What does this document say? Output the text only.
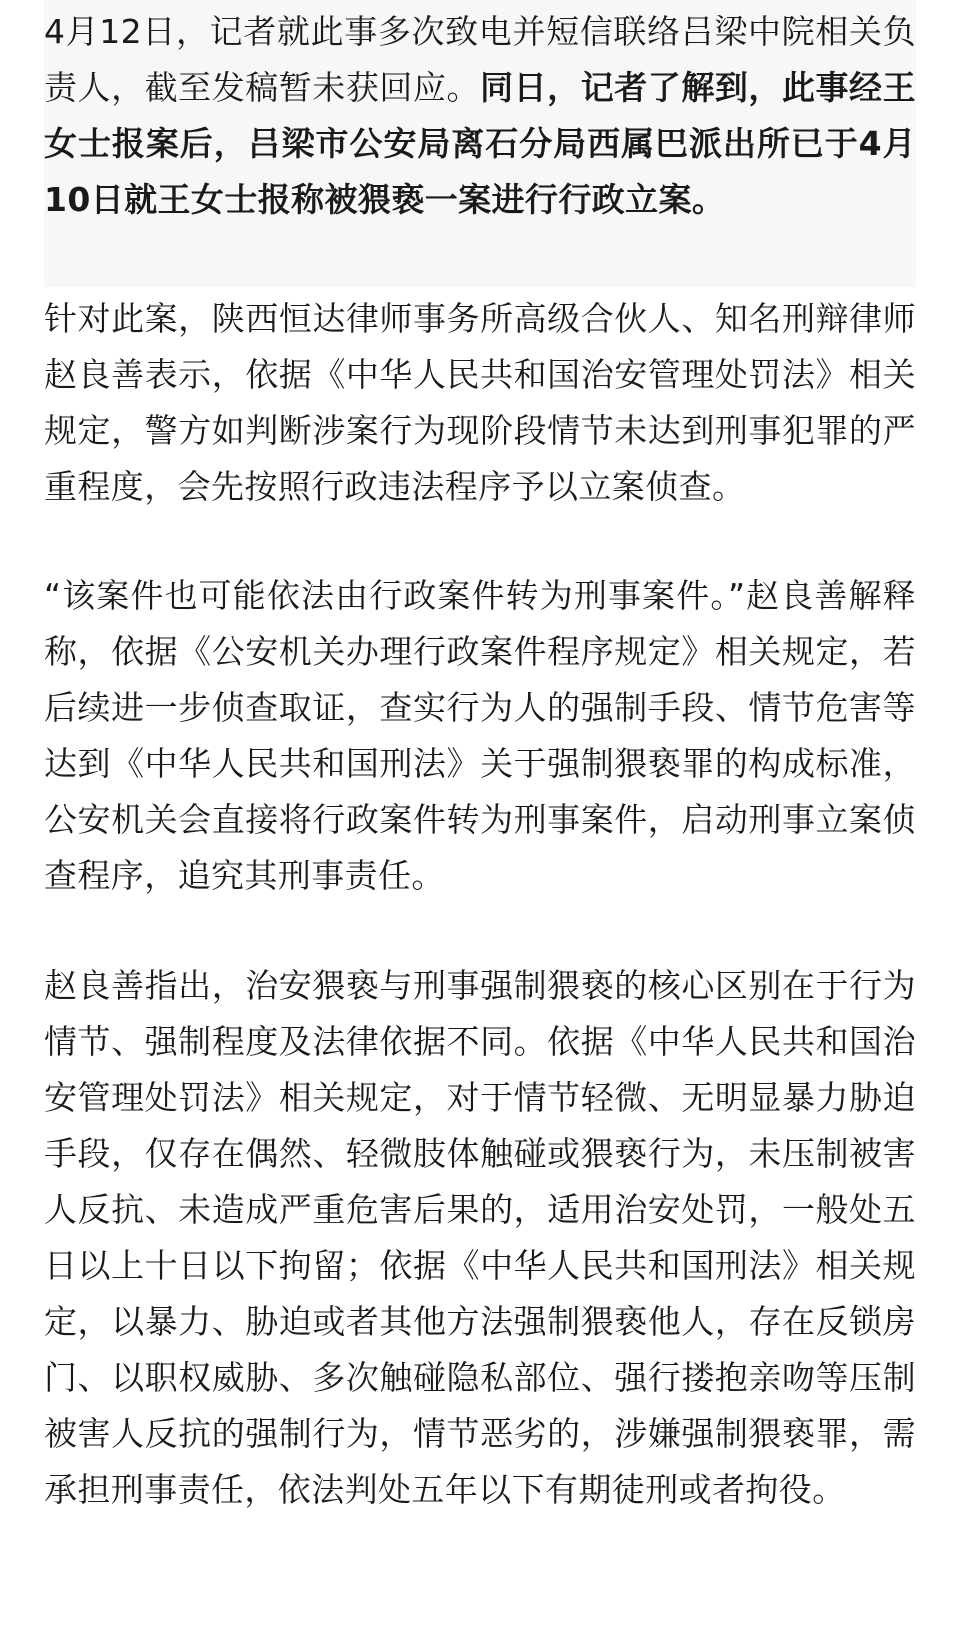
4月12日，记者就此事多次致电并短信联络吕梁中院相关负责人，截至发稿暂未获回应。同日，记者了解到，此事经王女士报案后，吕梁市公安局离石分局西属巴派出所已于4月10日就王女士报称被猥亵一案进行行政立案。

针对此案，陕西恒达律师事务所高级合伙人、知名刑辩律师赵良善表示，依据《中华人民共和国治安管理处罚法》相关规定，警方如判断涉案行为现阶段情节未达到刑事犯罪的严重程度，会先按照行政违法程序予以立案侦查。

“该案件也可能依法由行政案件转为刑事案件。”赵良善解释称，依据《公安机关办理行政案件程序规定》相关规定，若后续进一步侦查取证，查实行为人的强制手段、情节危害等达到《中华人民共和国刑法》关于强制猥亵罪的构成标准，公安机关会直接将行政案件转为刑事案件，启动刑事立案侦查程序，追究其刑事责任。

赵良善指出，治安猥亵与刑事强制猥亵的核心区别在于行为情节、强制程度及法律依据不同。依据《中华人民共和国治安管理处罚法》相关规定，对于情节轻微、无明显暴力胁迫手段，仅存在偶然、轻微肢体触碰或猥亵行为，未压制被害人反抗、未造成严重危害后果的，适用治安处罚，一般处五日以上十日以下拘留；依据《中华人民共和国刑法》相关规定，以暴力、胁迫或者其他方法强制猥亵他人，存在反锁房门、以职权威胁、多次触碰隐私部位、强行搂抱亲吻等压制被害人反抗的强制行为，情节恶劣的，涉嫌强制猥亵罪，需承担刑事责任，依法判处五年以下有期徒刑或者拘役。
